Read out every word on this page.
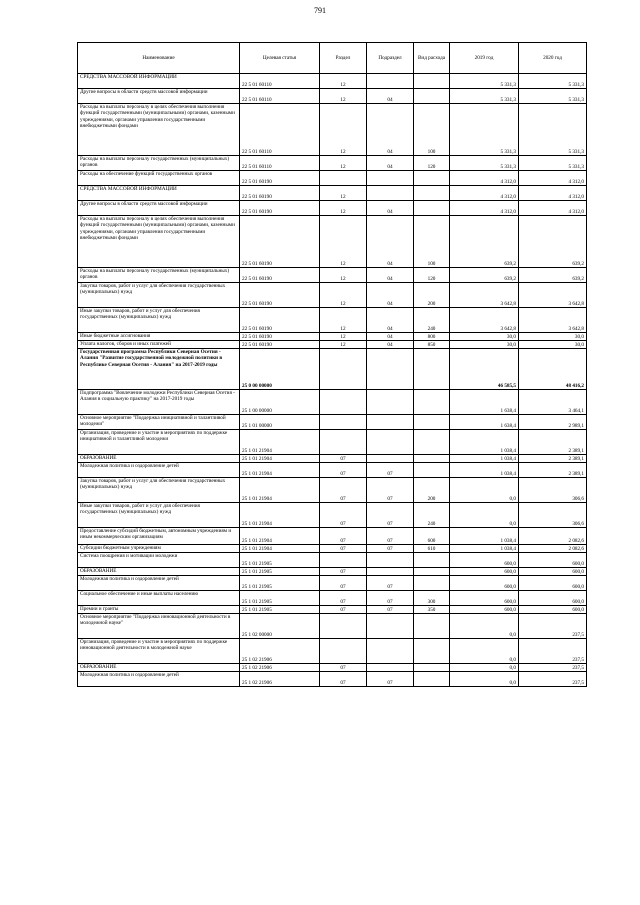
791
Наименование	Целевая статья	Раздел	Подраздел	Вид расхода	2019 год	2020 год
СРЕДСТВА МАССОВОЙ ИНФОРМАЦИИ	22 5 01 60110	12			5 331,3	5 331,3
Другие вопросы в области средств массовой информации	22 5 01 60110	12	04		5 331,3	5 331,3
Расходы на выплаты персоналу в целях обеспечения выполнения функций государственными (муниципальными) органами, казенными учреждениями, органами управления государственными внебюджетными фондами	22 5 01 60110	12	04	100	5 331,3	5 331,3
Расходы на выплаты персоналу государственных (муниципальных) органов	22 5 01 60110	12	04	120	5 331,3	5 331,3
Расходы на обеспечение функций государственных органов	22 5 01 60190				4 312,0	4 312,0
СРЕДСТВА МАССОВОЙ ИНФОРМАЦИИ	22 5 01 60190	12			4 312,0	4 312,0
Другие вопросы в области средств массовой информации	22 5 01 60190	12	04		4 312,0	4 312,0
Расходы на выплаты персоналу в целях обеспечения выполнения функций государственными (муниципальными) органами, казенными учреждениями, органами управления государственными внебюджетными фондами	22 5 01 60190	12	04	100	639,2	639,2
Расходы на выплаты персоналу государственных (муниципальных) органов	22 5 01 60190	12	04	120	639,2	639,2
Закупка товаров, работ и услуг для обеспечения государственных (муниципальных) нужд	22 5 01 60190	12	04	200	3 642,8	3 642,8
Иные закупки товаров, работ и услуг для обеспечения государственных (муниципальных) нужд	22 5 01 60190	12	04	240	3 642,8	3 642,8
Иные бюджетные ассигнования	22 5 01 60190	12	04	800	30,0	30,0
Уплата налогов, сборов и иных платежей	22 5 01 60190	12	04	850	30,0	30,0
Государственная программа Республики Северная Осетия - Алания "Развитие государственной молодежной политики в Республике Северная Осетия - Алания" на 2017-2019 годы	25 0 00 00000				46 585,5	48 416,2
Подпрограмма "Вовлечение молодежи Республики Северная Осетия - Алания в социальную практику" на 2017-2019 годы	25 1 00 00000				1 638,4	3 464,1
Основное мероприятие "Поддержка инициативной и талантливой молодежи"	25 1 01 00000				1 638,4	2 989,1
Организация, проведение и участие в мероприятиях по поддержке инициативной и талантливой молодежи	25 1 01 21904				1 038,4	2 389,1
ОБРАЗОВАНИЕ	25 1 01 21904	07			1 038,4	2 389,1
Молодежная политика и оздоровление детей	25 1 01 21904	07	07		1 038,4	2 389,1
Закупка товаров, работ и услуг для обеспечения государственных (муниципальных) нужд	25 1 01 21904	07	07	200	0,0	306,6
Иные закупки товаров, работ и услуг для обеспечения государственных (муниципальных) нужд	25 1 01 21904	07	07	240	0,0	306,6
Предоставление субсидий бюджетным, автономным учреждениям и иным некоммерческим организациям	25 1 01 21904	07	07	600	1 038,4	2 082,6
Субсидии бюджетным учреждениям	25 1 01 21904	07	07	610	1 038,4	2 082,6
Система поощрения и мотивации молодежи	25 1 01 21905				600,0	600,0
ОБРАЗОВАНИЕ	25 1 01 21905	07			600,0	600,0
Молодежная политика и оздоровление детей	25 1 01 21905	07	07		600,0	600,0
Социальное обеспечение и иные выплаты населению	25 1 01 21905	07	07	300	600,0	600,0
Премии и гранты	25 1 01 21905	07	07	350	600,0	600,0
Основное мероприятие "Поддержка инновационной деятельности в молодежной науке"	25 1 02 00000				0,0	237,5
Организация, проведение и участие в мероприятиях по поддержке инновационной деятельности в молодежной науке	25 1 02 21906				0,0	237,5
ОБРАЗОВАНИЕ	25 1 02 21906	07			0,0	237,5
Молодежная политика и оздоровление детей	25 1 02 21906	07	07		0,0	237,5
